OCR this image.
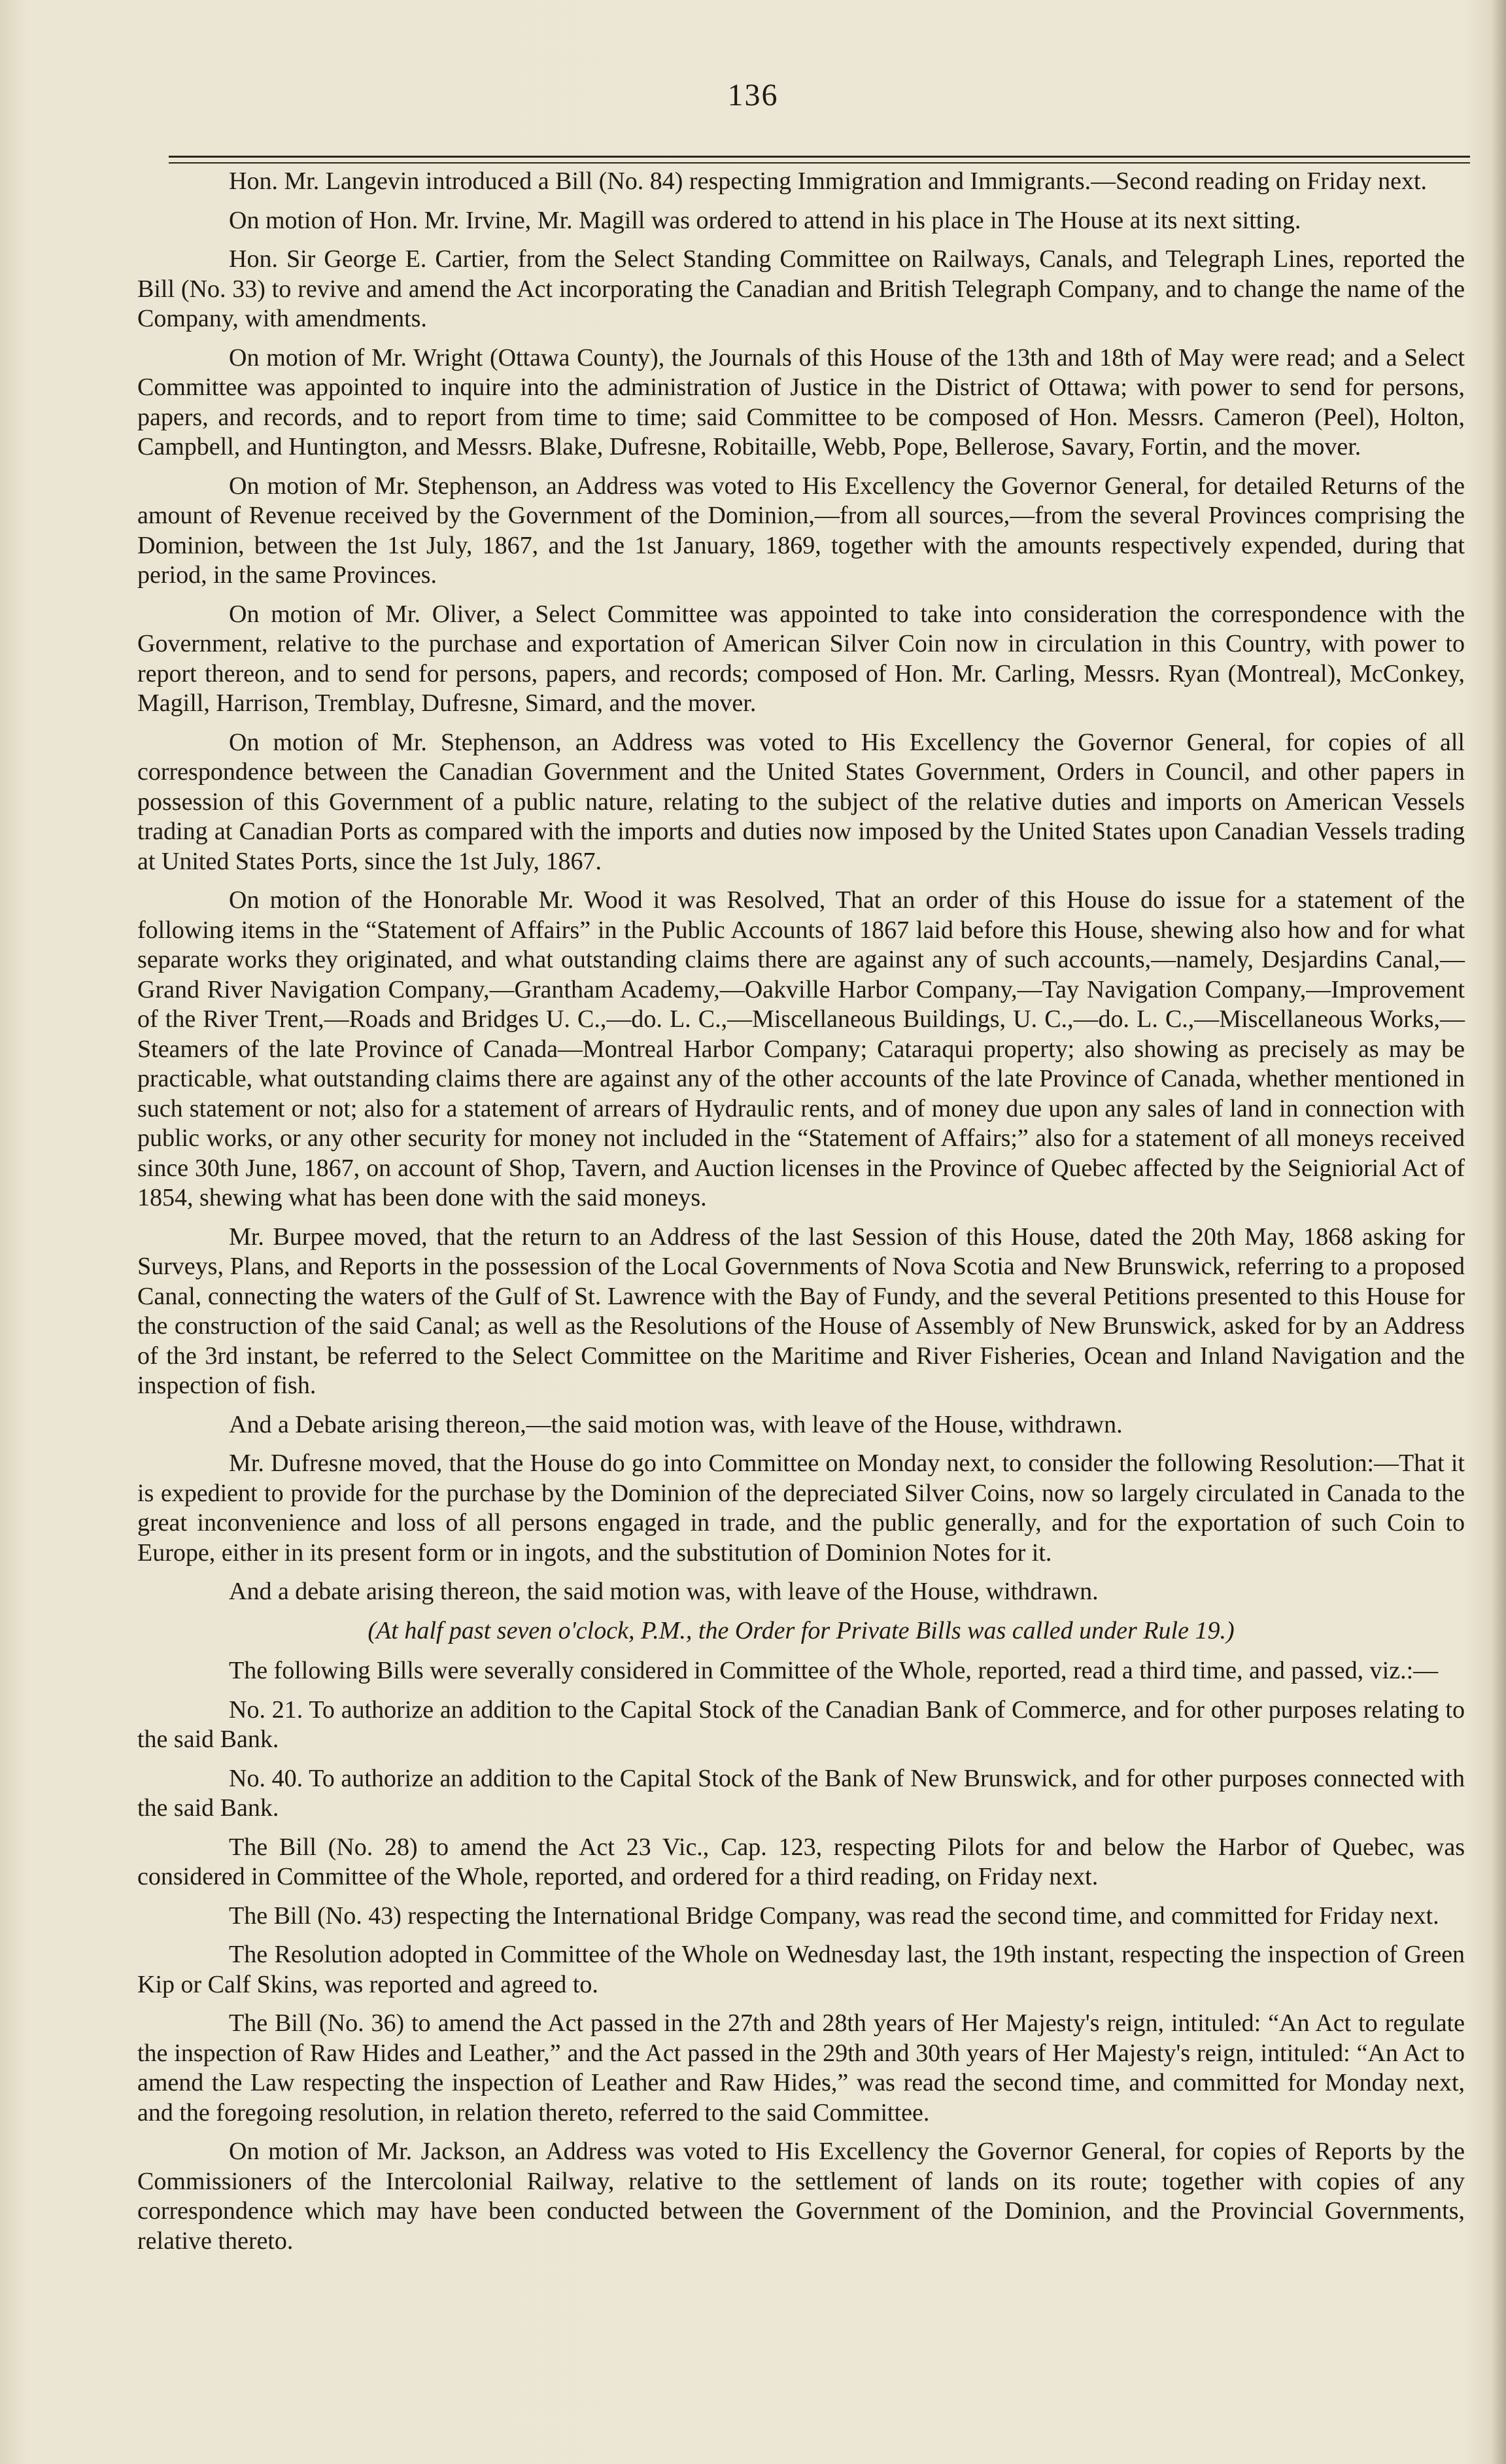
136

Hon. Mr. Langevin introduced a Bill (No. 84) respecting Immigration and Immigrants.—Second reading on Friday next.

On motion of Hon. Mr. Irvine, Mr. Magill was ordered to attend in his place in The House at its next sitting.

Hon. Sir George E. Cartier, from the Select Standing Committee on Railways, Canals, and Telegraph Lines, reported the Bill (No. 33) to revive and amend the Act incorporating the Canadian and British Telegraph Company, and to change the name of the Company, with amendments.

On motion of Mr. Wright (Ottawa County), the Journals of this House of the 13th and 18th of May were read; and a Select Committee was appointed to inquire into the administration of Justice in the District of Ottawa; with power to send for persons, papers, and records, and to report from time to time; said Committee to be composed of Hon. Messrs. Cameron (Peel), Holton, Campbell, and Huntington, and Messrs. Blake, Dufresne, Robitaille, Webb, Pope, Bellerose, Savary, Fortin, and the mover.

On motion of Mr. Stephenson, an Address was voted to His Excellency the Governor General, for detailed Returns of the amount of Revenue received by the Government of the Dominion,—from all sources,—from the several Provinces comprising the Dominion, between the 1st July, 1867, and the 1st January, 1869, together with the amounts respectively expended, during that period, in the same Provinces.

On motion of Mr. Oliver, a Select Committee was appointed to take into consideration the correspondence with the Government, relative to the purchase and exportation of American Silver Coin now in circulation in this Country, with power to report thereon, and to send for persons, papers, and records; composed of Hon. Mr. Carling, Messrs. Ryan (Montreal), McConkey, Magill, Harrison, Tremblay, Dufresne, Simard, and the mover.

On motion of Mr. Stephenson, an Address was voted to His Excellency the Governor General, for copies of all correspondence between the Canadian Government and the United States Government, Orders in Council, and other papers in possession of this Government of a public nature, relating to the subject of the relative duties and imports on American Vessels trading at Canadian Ports as compared with the imports and duties now imposed by the United States upon Canadian Vessels trading at United States Ports, since the 1st July, 1867.

On motion of the Honorable Mr. Wood it was Resolved, That an order of this House do issue for a statement of the following items in the “Statement of Affairs” in the Public Accounts of 1867 laid before this House, shewing also how and for what separate works they originated, and what outstanding claims there are against any of such accounts,—namely, Desjardins Canal,—Grand River Navigation Company,—Grantham Academy,—Oakville Harbor Company,—Tay Navigation Company,—Improvement of the River Trent,—Roads and Bridges U. C.,—do. L. C.,—Miscellaneous Buildings, U. C.,—do. L. C.,—Miscellaneous Works,—Steamers of the late Province of Canada—Montreal Harbor Company; Cataraqui property; also showing as precisely as may be practicable, what outstanding claims there are against any of the other accounts of the late Province of Canada, whether mentioned in such statement or not; also for a statement of arrears of Hydraulic rents, and of money due upon any sales of land in connection with public works, or any other security for money not included in the “Statement of Affairs;” also for a statement of all moneys received since 30th June, 1867, on account of Shop, Tavern, and Auction licenses in the Province of Quebec affected by the Seigniorial Act of 1854, shewing what has been done with the said moneys.

Mr. Burpee moved, that the return to an Address of the last Session of this House, dated the 20th May, 1868 asking for Surveys, Plans, and Reports in the possession of the Local Governments of Nova Scotia and New Brunswick, referring to a proposed Canal, connecting the waters of the Gulf of St. Lawrence with the Bay of Fundy, and the several Petitions presented to this House for the construction of the said Canal; as well as the Resolutions of the House of Assembly of New Brunswick, asked for by an Address of the 3rd instant, be referred to the Select Committee on the Maritime and River Fisheries, Ocean and Inland Navigation and the inspection of fish.

And a Debate arising thereon,—the said motion was, with leave of the House, withdrawn.

Mr. Dufresne moved, that the House do go into Committee on Monday next, to consider the following Resolution:—That it is expedient to provide for the purchase by the Dominion of the depreciated Silver Coins, now so largely circulated in Canada to the great inconvenience and loss of all persons engaged in trade, and the public generally, and for the exportation of such Coin to Europe, either in its present form or in ingots, and the substitution of Dominion Notes for it.

And a debate arising thereon, the said motion was, with leave of the House, withdrawn.

(At half past seven o'clock, P.M., the Order for Private Bills was called under Rule 19.)

The following Bills were severally considered in Committee of the Whole, reported, read a third time, and passed, viz.:—

No. 21. To authorize an addition to the Capital Stock of the Canadian Bank of Commerce, and for other purposes relating to the said Bank.

No. 40. To authorize an addition to the Capital Stock of the Bank of New Brunswick, and for other purposes connected with the said Bank.

The Bill (No. 28) to amend the Act 23 Vic., Cap. 123, respecting Pilots for and below the Harbor of Quebec, was considered in Committee of the Whole, reported, and ordered for a third reading, on Friday next.

The Bill (No. 43) respecting the International Bridge Company, was read the second time, and committed for Friday next.

The Resolution adopted in Committee of the Whole on Wednesday last, the 19th instant, respecting the inspection of Green Kip or Calf Skins, was reported and agreed to.

The Bill (No. 36) to amend the Act passed in the 27th and 28th years of Her Majesty's reign, intituled: “An Act to regulate the inspection of Raw Hides and Leather,” and the Act passed in the 29th and 30th years of Her Majesty's reign, intituled: “An Act to amend the Law respecting the inspection of Leather and Raw Hides,” was read the second time, and committed for Monday next, and the foregoing resolution, in relation thereto, referred to the said Committee.

On motion of Mr. Jackson, an Address was voted to His Excellency the Governor General, for copies of Reports by the Commissioners of the Intercolonial Railway, relative to the settlement of lands on its route; together with copies of any correspondence which may have been conducted between the Government of the Dominion, and the Provincial Governments, relative thereto.
